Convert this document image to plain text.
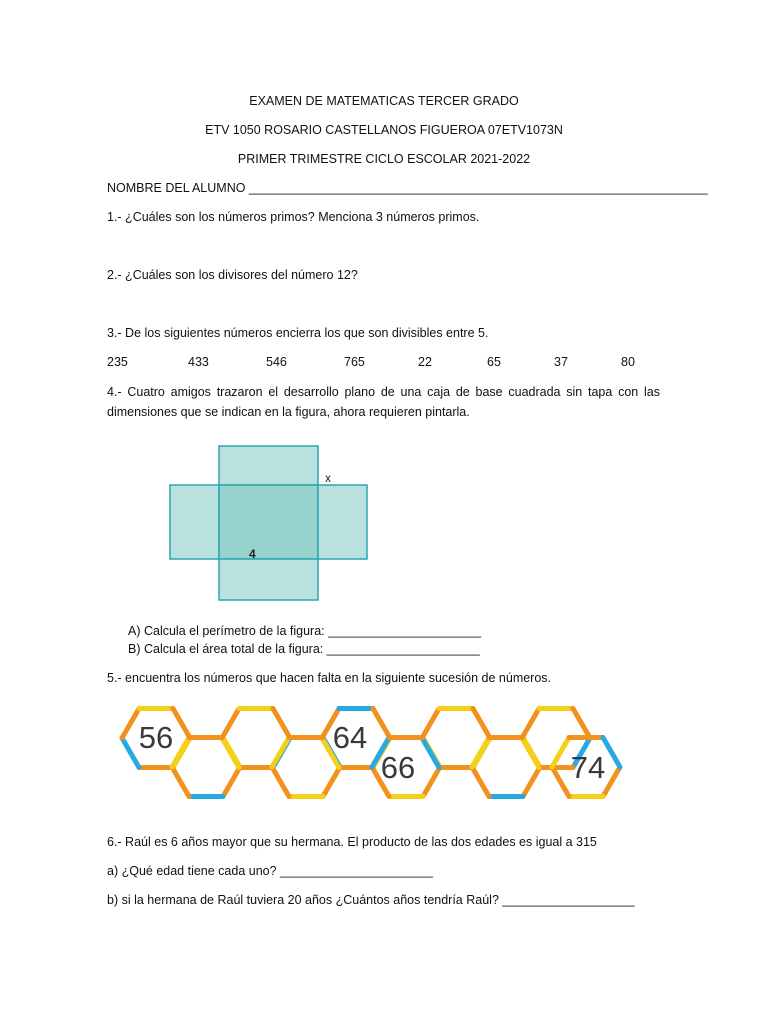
EXAMEN DE MATEMATICAS TERCER GRADO
ETV 1050 ROSARIO CASTELLANOS FIGUEROA 07ETV1073N
PRIMER TRIMESTRE CICLO ESCOLAR 2021-2022
NOMBRE DEL ALUMNO __________________________________________________________________
1.- ¿Cuáles son los números primos? Menciona 3 números primos.
2.- ¿Cuáles son los divisores del número 12?
3.- De los siguientes números encierra los que son divisibles entre 5.
235	433	546	765	22	65	37	80
4.- Cuatro amigos trazaron el desarrollo plano de una caja de base cuadrada sin tapa con las dimensiones que se indican en la figura, ahora requieren pintarla.
x
4
A) Calcula el perímetro de la figura: ______________________
B) Calcula el área total de la figura: ______________________
5.- encuentra los números que hacen falta en la siguiente sucesión de números.
56	64
66	74
6.- Raúl es 6 años mayor que su hermana. El producto de las dos edades es igual a 315
a) ¿Qué edad tiene cada uno? ______________________
b) si la hermana de Raúl tuviera 20 años ¿Cuántos años tendría Raúl? ___________________
